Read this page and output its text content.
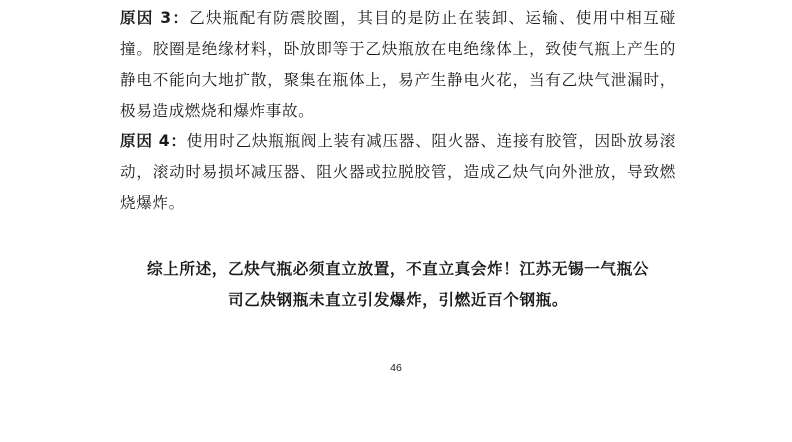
原因 3：乙炔瓶配有防震胶圈，其目的是防止在装卸、运输、使用中相互碰撞。胶圈是绝缘材料，卧放即等于乙炔瓶放在电绝缘体上，致使气瓶上产生的静电不能向大地扩散，聚集在瓶体上，易产生静电火花，当有乙炔气泄漏时，极易造成燃烧和爆炸事故。

原因 4：使用时乙炔瓶瓶阀上装有减压器、阻火器、连接有胶管，因卧放易滚动，滚动时易损坏减压器、阻火器或拉脱胶管，造成乙炔气向外泄放，导致燃烧爆炸。

综上所述，乙炔气瓶必须直立放置，不直立真会炸！江苏无锡一气瓶公
司乙炔钢瓶未直立引发爆炸，引燃近百个钢瓶。

46
